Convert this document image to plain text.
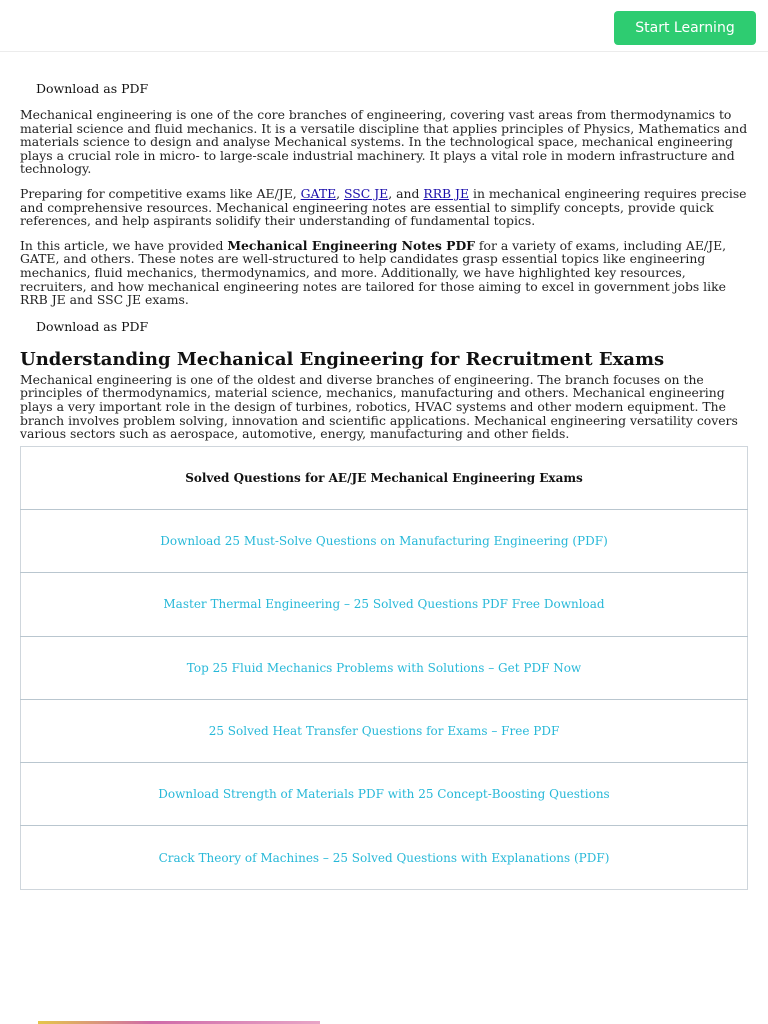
Start Learning
Download as PDF

Mechanical engineering is one of the core branches of engineering, covering vast areas from thermodynamics to material science and fluid mechanics. It is a versatile discipline that applies principles of Physics, Mathematics and materials science to design and analyse Mechanical systems. In the technological space, mechanical engineering plays a crucial role in micro- to large-scale industrial machinery. It plays a vital role in modern infrastructure and technology.

Preparing for competitive exams like AE/JE, GATE, SSC JE, and RRB JE in mechanical engineering requires precise and comprehensive resources. Mechanical engineering notes are essential to simplify concepts, provide quick references, and help aspirants solidify their understanding of fundamental topics.

In this article, we have provided Mechanical Engineering Notes PDF for a variety of exams, including AE/JE, GATE, and others. These notes are well-structured to help candidates grasp essential topics like engineering mechanics, fluid mechanics, thermodynamics, and more. Additionally, we have highlighted key resources, recruiters, and how mechanical engineering notes are tailored for those aiming to excel in government jobs like RRB JE and SSC JE exams.

Download as PDF
Understanding Mechanical Engineering for Recruitment Exams

Mechanical engineering is one of the oldest and diverse branches of engineering. The branch focuses on the principles of thermodynamics, material science, mechanics, manufacturing and others. Mechanical engineering plays a very important role in the design of turbines, robotics, HVAC systems and other modern equipment. The branch involves problem solving, innovation and scientific applications. Mechanical engineering versatility covers various sectors such as aerospace, automotive, energy, manufacturing and other fields.

Solved Questions for AE/JE Mechanical Engineering Exams
Download 25 Must-Solve Questions on Manufacturing Engineering (PDF)
Master Thermal Engineering – 25 Solved Questions PDF Free Download
Top 25 Fluid Mechanics Problems with Solutions – Get PDF Now
25 Solved Heat Transfer Questions for Exams – Free PDF
Download Strength of Materials PDF with 25 Concept-Boosting Questions
Crack Theory of Machines – 25 Solved Questions with Explanations (PDF)
